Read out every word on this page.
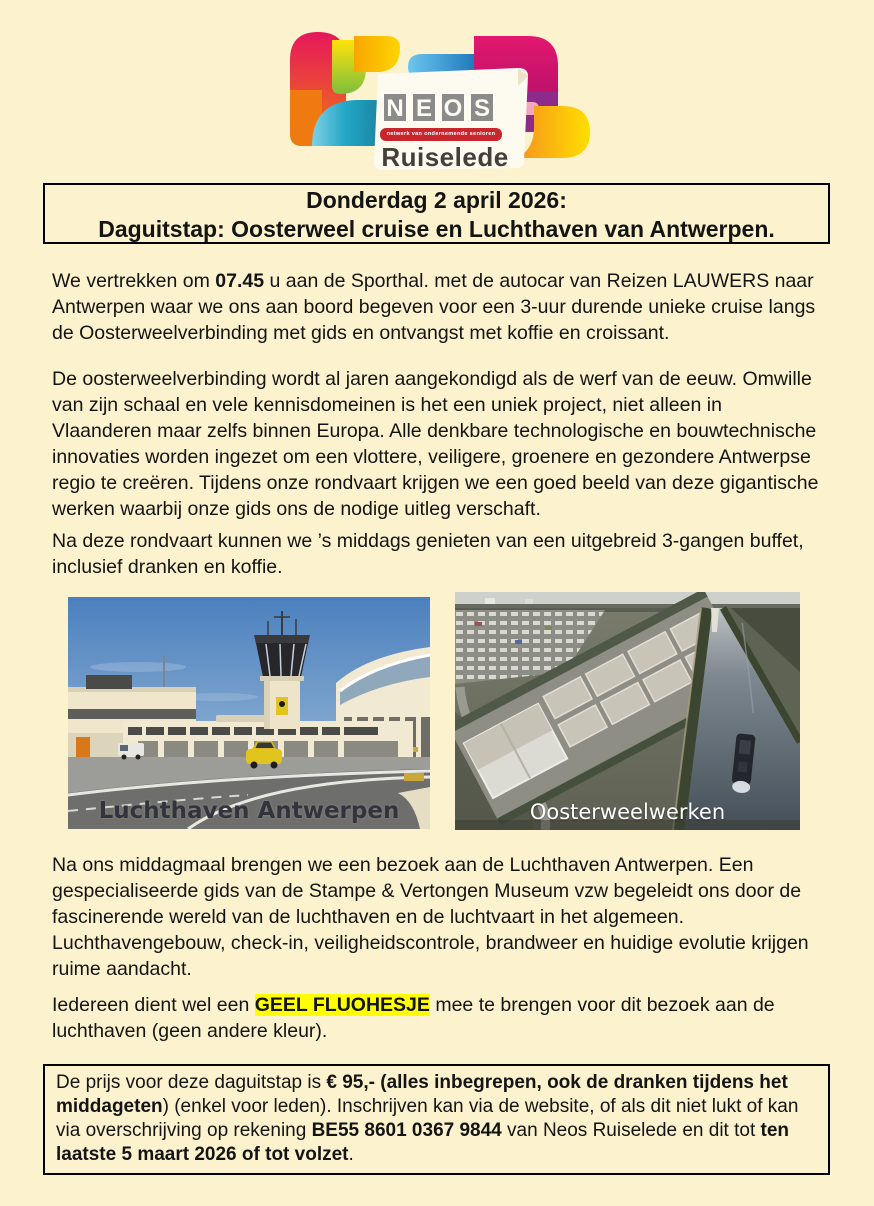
N E O S
netwerk van ondernemende senioren
Ruiselede
Donderdag 2 april 2026:
Daguitstap: Oosterweel cruise en Luchthaven van Antwerpen.

We vertrekken om 07.45 u aan de Sporthal. met de autocar van Reizen LAUWERS naar Antwerpen waar we ons aan boord begeven voor een 3-uur durende unieke cruise langs de Oosterweelverbinding met gids en ontvangst met koffie en croissant.

De oosterweelverbinding wordt al jaren aangekondigd als de werf van de eeuw. Omwille van zijn schaal en vele kennisdomeinen is het een uniek project, niet alleen in Vlaanderen maar zelfs binnen Europa. Alle denkbare technologische en bouwtechnische innovaties worden ingezet om een vlottere, veiligere, groenere en gezondere Antwerpse regio te creëren. Tijdens onze rondvaart krijgen we een goed beeld van deze gigantische werken waarbij onze gids ons de nodige uitleg verschaft.

Na deze rondvaart kunnen we ’s middags genieten van een uitgebreid 3-gangen buffet, inclusief dranken en koffie.

Luchthaven Antwerpen	Oosterweelwerken

Na ons middagmaal brengen we een bezoek aan de Luchthaven Antwerpen. Een gespecialiseerde gids van de Stampe & Vertongen Museum vzw begeleidt ons door de fascinerende wereld van de luchthaven en de luchtvaart in het algemeen. Luchthavengebouw, check-in, veiligheidscontrole, brandweer en huidige evolutie krijgen ruime aandacht.

Iedereen dient wel een GEEL FLUOHESJE mee te brengen voor dit bezoek aan de luchthaven (geen andere kleur).

De prijs voor deze daguitstap is € 95,- (alles inbegrepen, ook de dranken tijdens het middageten) (enkel voor leden). Inschrijven kan via de website, of als dit niet lukt of kan via overschrijving op rekening BE55 8601 0367 9844 van Neos Ruiselede en dit tot ten laatste 5 maart 2026 of tot volzet.
